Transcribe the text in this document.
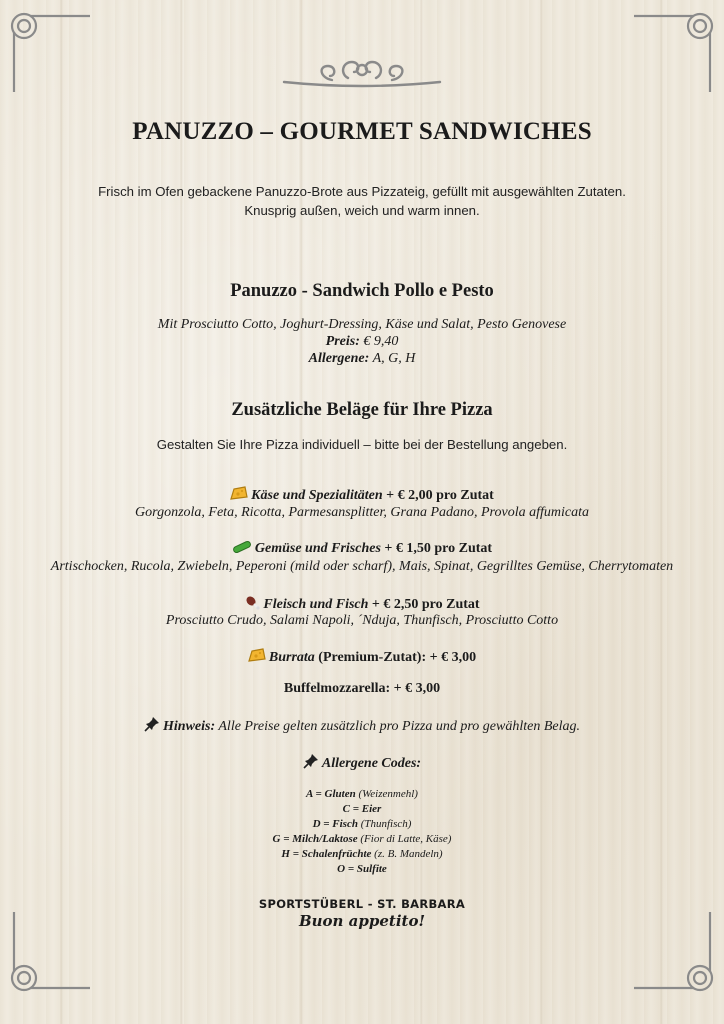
PANUZZO – GOURMET SANDWICHES
Frisch im Ofen gebackene Panuzzo-Brote aus Pizzateig, gefüllt mit ausgewählten Zutaten.
Knusprig außen, weich und warm innen.
Panuzzo - Sandwich Pollo e Pesto
Mit Prosciutto Cotto, Joghurt-Dressing, Käse und Salat, Pesto Genovese
Preis: € 9,40
Allergene: A, G, H
Zusätzliche Beläge für Ihre Pizza
Gestalten Sie Ihre Pizza individuell – bitte bei der Bestellung angeben.
Käse und Spezialitäten + € 2,00 pro Zutat
Gorgonzola, Feta, Ricotta, Parmesansplitter, Grana Padano, Provola affumicata
Gemüse und Frisches + € 1,50 pro Zutat
Artischocken, Rucola, Zwiebeln, Peperoni (mild oder scharf), Mais, Spinat, Gegrilltes Gemüse, Cherrytomaten
Fleisch und Fisch + € 2,50 pro Zutat
Prosciutto Crudo, Salami Napoli, ´Nduja, Thunfisch, Prosciutto Cotto
Burrata (Premium-Zutat): + € 3,00
Buffelmozzarella: + € 3,00
Hinweis: Alle Preise gelten zusätzlich pro Pizza und pro gewählten Belag.
Allergene Codes:
A = Gluten (Weizenmehl)
C = Eier
D = Fisch (Thunfisch)
G = Milch/Laktose (Fior di Latte, Käse)
H = Schalenfrüchte (z. B. Mandeln)
O = Sulfite
SPORTSTÜBERL - ST. BARBARA
Buon appetito!
